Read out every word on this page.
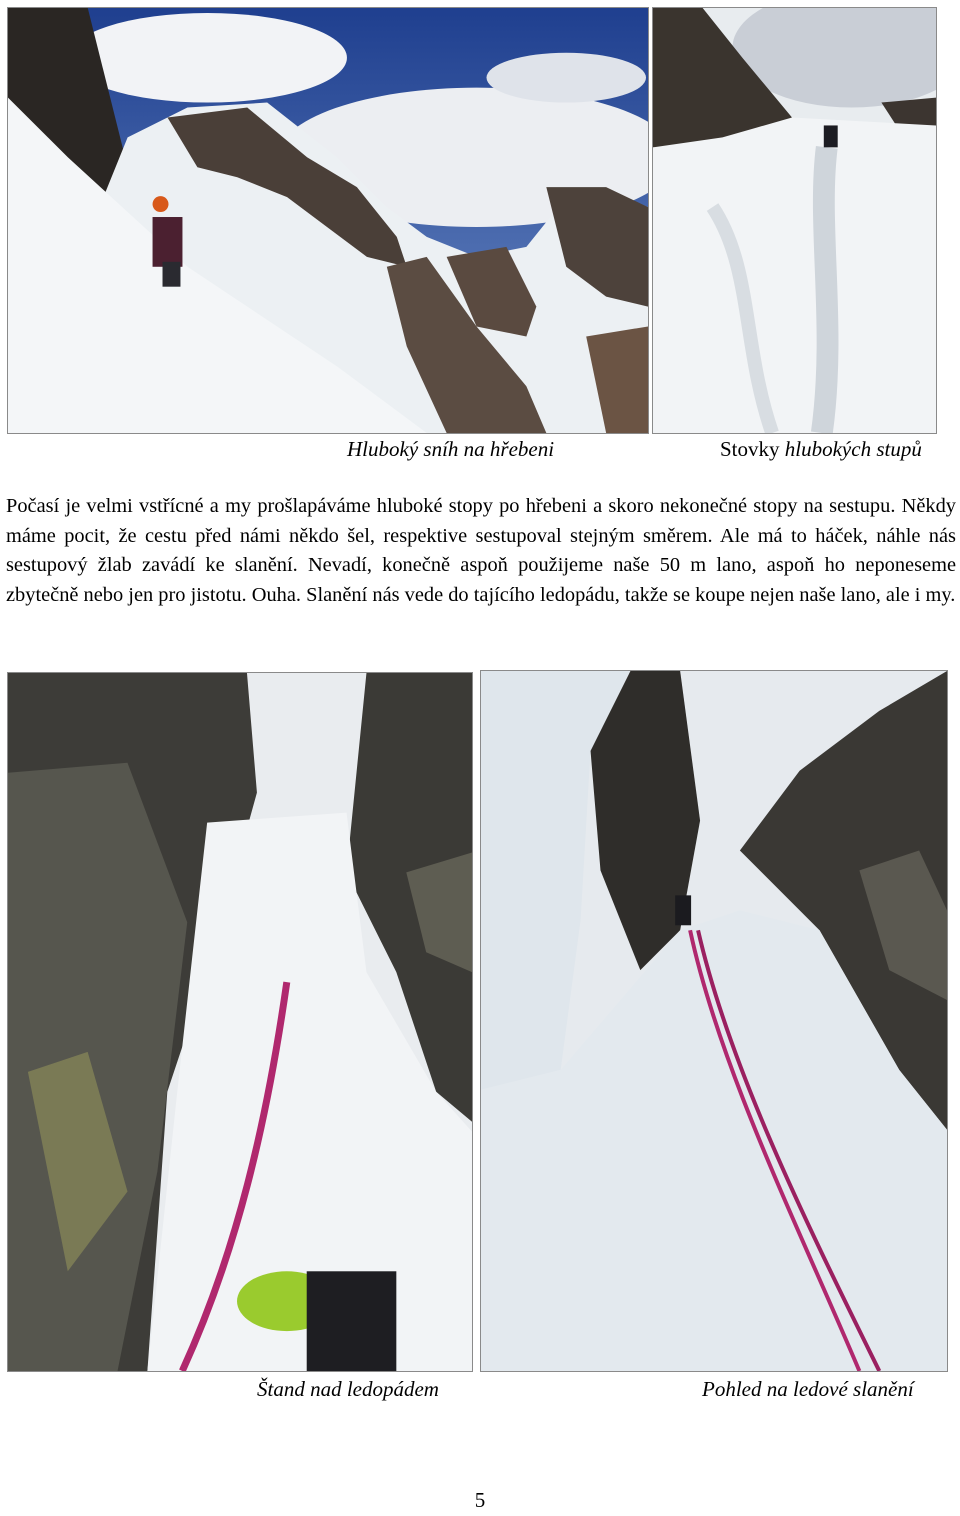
Hluboký sníh na hřebeni	Stovky hlubokých stupů

Počasí je velmi vstřícné a my prošlapáváme hluboké stopy po hřebeni a skoro nekonečné stopy na sestupu. Někdy máme pocit, že cestu před námi někdo šel, respektive sestupoval stejným směrem. Ale má to háček, náhle nás sestupový žlab zavádí ke slanění. Nevadí, konečně aspoň použijeme naše 50 m lano, aspoň ho neponeseme zbytečně nebo jen pro jistotu. Ouha. Slanění nás vede do tajícího ledopádu, takže se koupe nejen naše lano, ale i my.

Štand nad ledopádem	Pohled na ledové slanění
5
